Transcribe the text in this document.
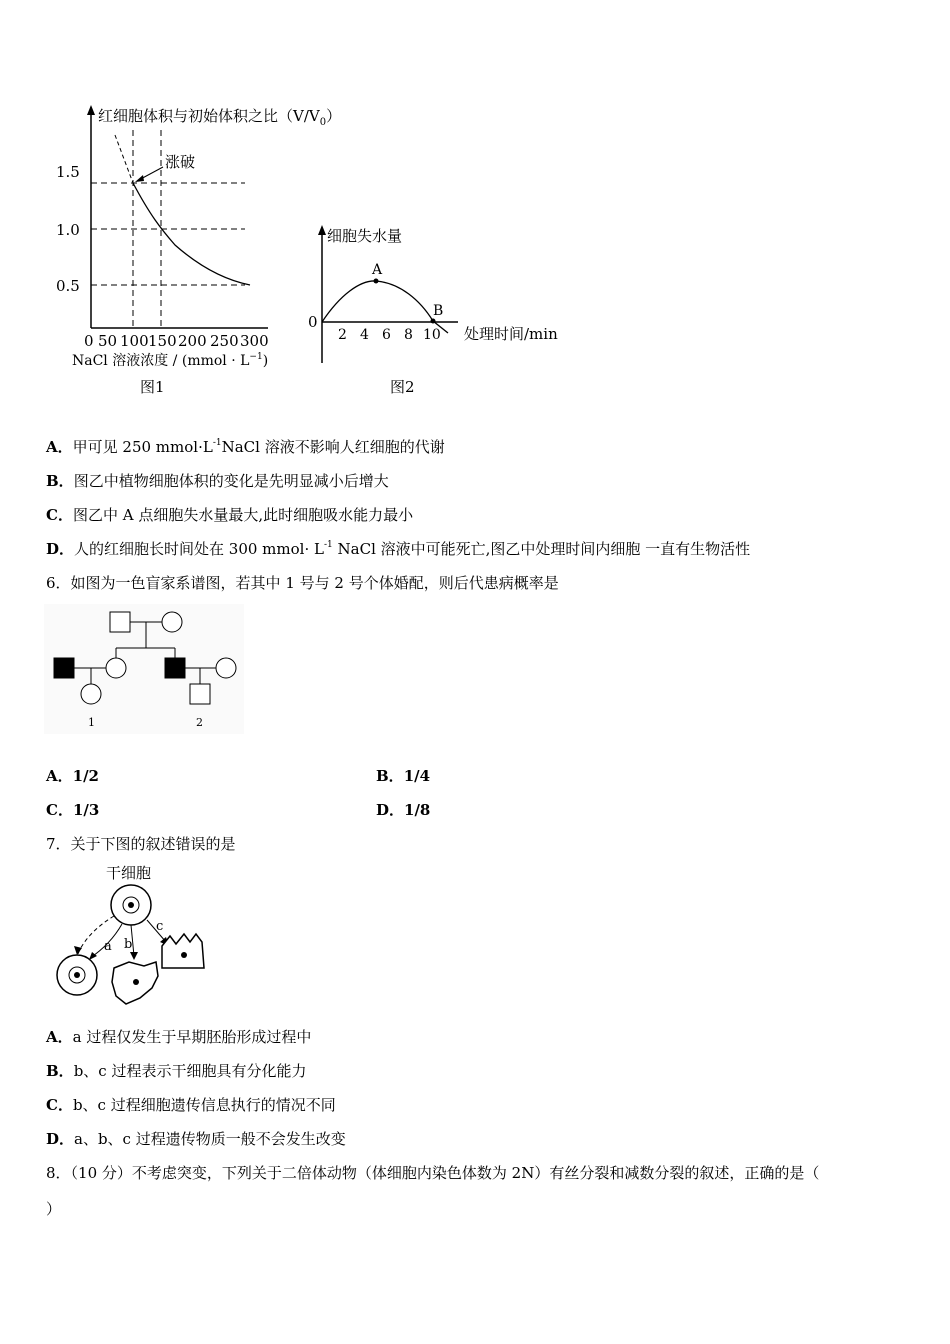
红细胞体积与初始体积之比$(V/V_0)$
1.5
1.0
0.5
涨破
0 50 100 150 200 250 300
NaCl 溶液浓度 / (mmol · $L^{-1}$)
图1
细胞失水量
0
2 4 6 8 10 处理时间/min
A
B
图2
A．甲可见 250 $mmol\cdot L^{-1}NaCl$ 溶液不影响人红细胞的代谢
B．图乙中植物细胞体积的变化是先明显减小后增大
C．图乙中 A 点细胞失水量最大,此时细胞吸水能力最小
D．人的红细胞长时间处在 300 mmol· $L^{-1}$ NaCl 溶液中可能死亡,图乙中处理时间内细胞 一直有生物活性
6．如图为一色盲家系谱图，若其中 1 号与 2 号个体婚配，则后代患病概率是
1	2
A．1/2	B．1/4
C．1/3	D．1/8
7．关于下图的叙述错误的是
干细胞
a b
c
A．a 过程仅发生于早期胚胎形成过程中
B．b、c 过程表示干细胞具有分化能力
C．b、c 过程细胞遗传信息执行的情况不同
D．a、b、c 过程遗传物质一般不会发生改变
8．（10 分）不考虑突变，下列关于二倍体动物（体细胞内染色体数为 2N）有丝分裂和减数分裂的叙述，正确的是（
）
